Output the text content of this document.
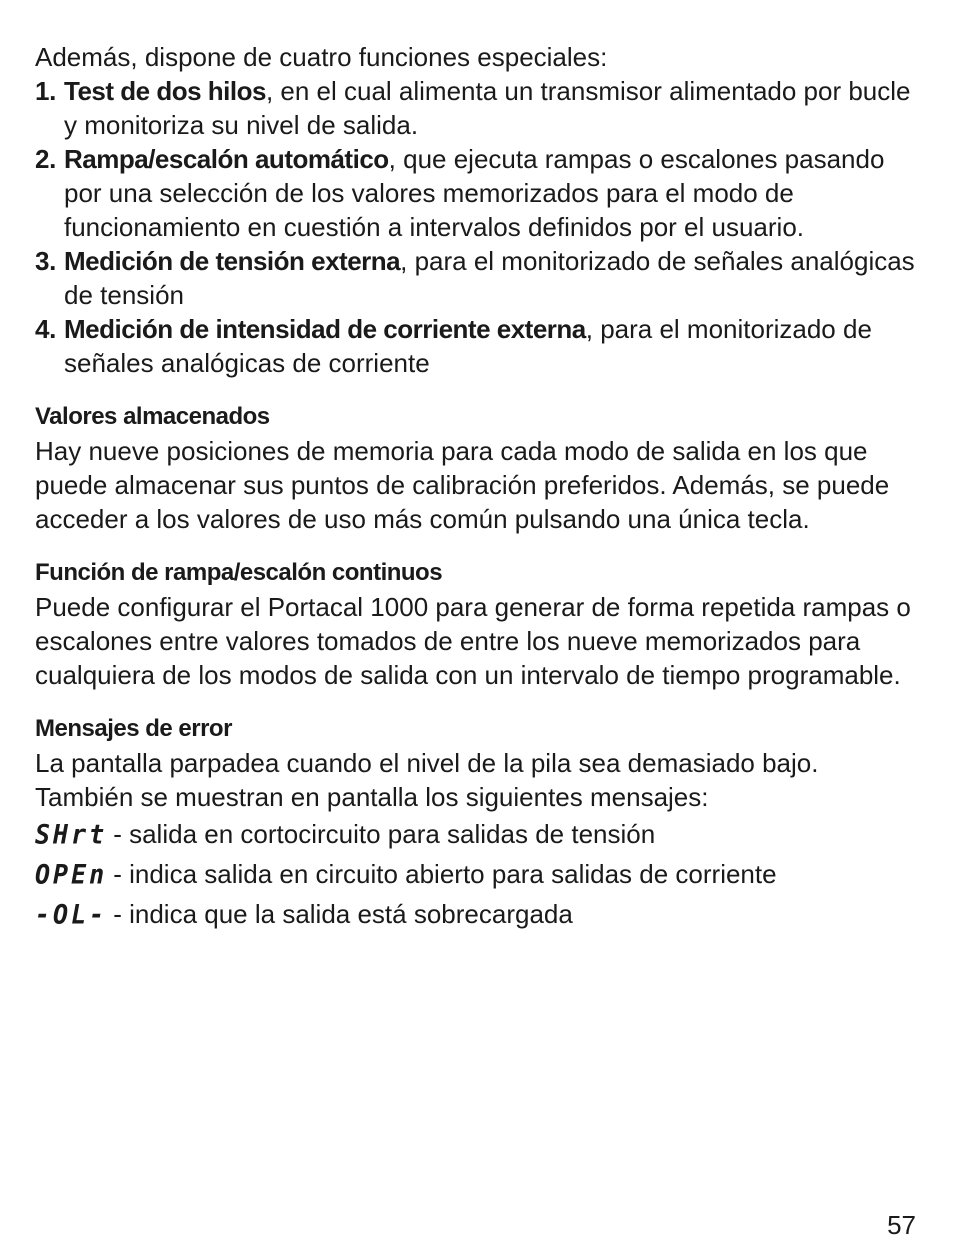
Además, dispone de cuatro funciones especiales:

1. Test de dos hilos, en el cual alimenta un transmisor alimentado por bucle y monitoriza su nivel de salida.
2. Rampa/escalón automático, que ejecuta rampas o escalones pasando por una selección de los valores memorizados para el modo de funcionamiento en cuestión a intervalos definidos por el usuario.
3. Medición de tensión externa, para el monitorizado de señales analógicas de tensión
4. Medición de intensidad de corriente externa, para el monitorizado de señales analógicas de corriente
Valores almacenados

Hay nueve posiciones de memoria para cada modo de salida en los que puede almacenar sus puntos de calibración preferidos. Además, se puede acceder a los valores de uso más común pulsando una única tecla.

Función de rampa/escalón continuos

Puede configurar el Portacal 1000 para generar de forma repetida rampas o escalones entre valores tomados de entre los nueve memorizados para cualquiera de los modos de salida con un intervalo de tiempo programable.

Mensajes de error

La pantalla parpadea cuando el nivel de la pila sea demasiado bajo. También se muestran en pantalla los siguientes mensajes:

SHrt - salida en cortocircuito para salidas de tensión
OPEn - indica salida en circuito abierto para salidas de corriente
-OL- - indica que la salida está sobrecargada
57
